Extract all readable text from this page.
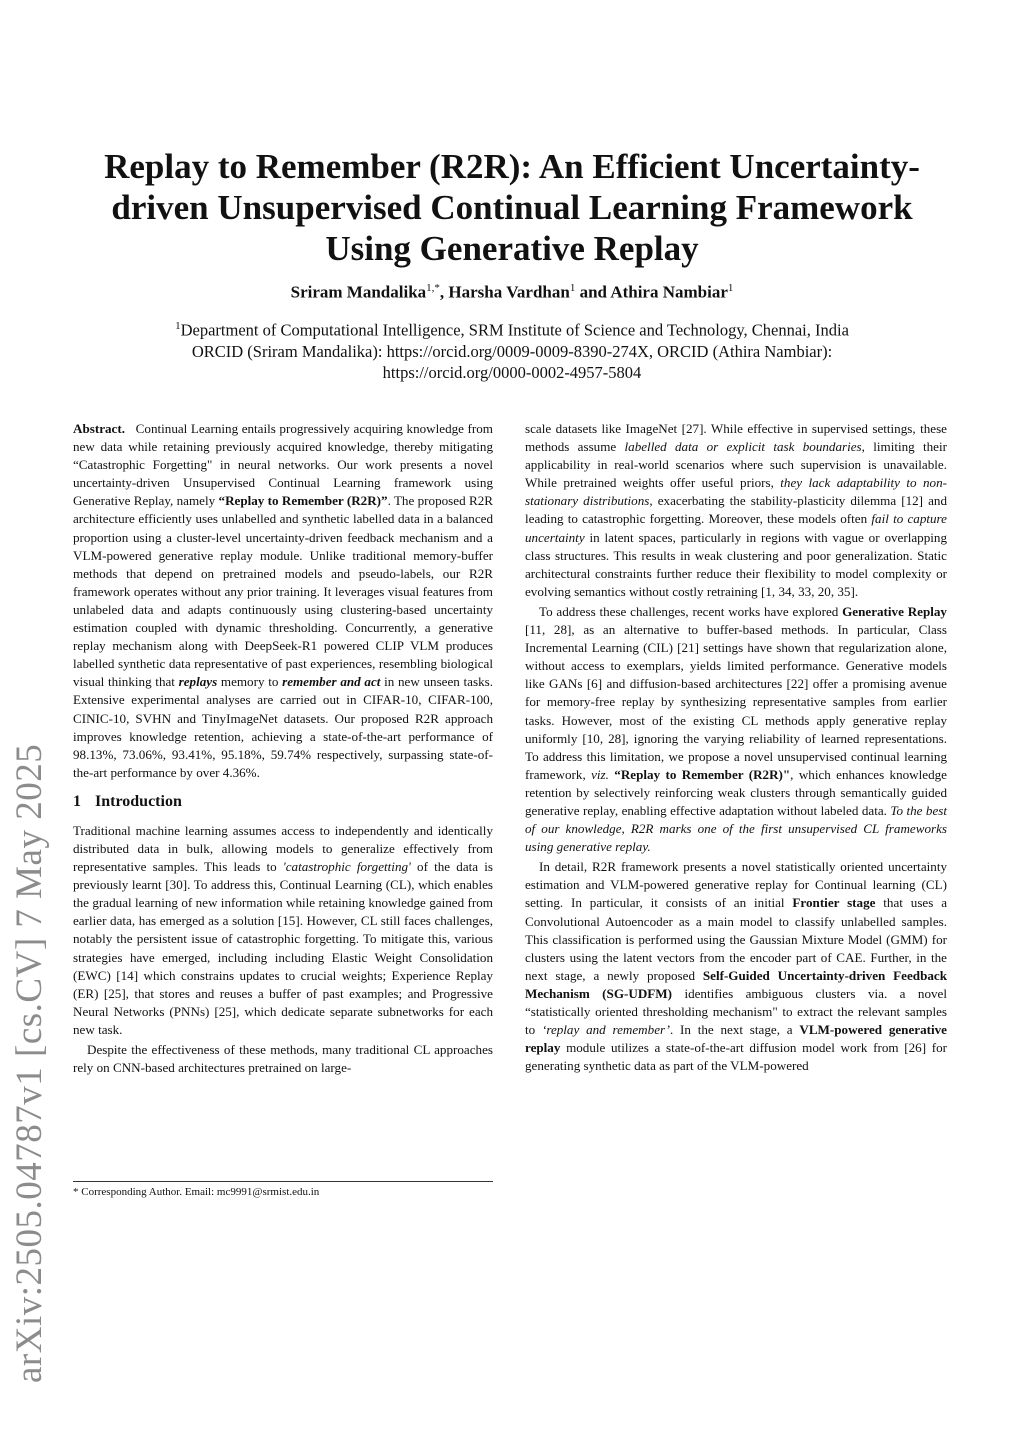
Replay to Remember (R2R): An Efficient Uncertainty-driven Unsupervised Continual Learning Framework Using Generative Replay
Sriram Mandalika$^{1,*}$, Harsha Vardhan$^1$ and Athira Nambiar$^1$
$^1$Department of Computational Intelligence, SRM Institute of Science and Technology, Chennai, India
ORCID (Sriram Mandalika): https://orcid.org/0009-0009-8390-274X, ORCID (Athira Nambiar):
https://orcid.org/0000-0002-4957-5804
arXiv:2505.04787v1 [cs.CV] 7 May 2025

Abstract. Continual Learning entails progressively acquiring knowledge from new data while retaining previously acquired knowledge, thereby mitigating “Catastrophic Forgetting" in neural networks. Our work presents a novel uncertainty-driven Unsupervised Continual Learning framework using Generative Replay, namely “Replay to Remember (R2R)”. The proposed R2R architecture efficiently uses unlabelled and synthetic labelled data in a balanced proportion using a cluster-level uncertainty-driven feedback mechanism and a VLM-powered generative replay module. Unlike traditional memory-buffer methods that depend on pretrained models and pseudo-labels, our R2R framework operates without any prior training. It leverages visual features from unlabeled data and adapts continuously using clustering-based uncertainty estimation coupled with dynamic thresholding. Concurrently, a generative replay mechanism along with DeepSeek-R1 powered CLIP VLM produces labelled synthetic data representative of past experiences, resembling biological visual thinking that replays memory to remember and act in new unseen tasks. Extensive experimental analyses are carried out in CIFAR-10, CIFAR-100, CINIC-10, SVHN and TinyImageNet datasets. Our proposed R2R approach improves knowledge retention, achieving a state-of-the-art performance of 98.13%, 73.06%, 93.41%, 95.18%, 59.74% respectively, surpassing state-of-the-art performance by over 4.36%.

1 Introduction

Traditional machine learning assumes access to independently and identically distributed data in bulk, allowing models to generalize effectively from representative samples. This leads to 'catastrophic forgetting' of the data is previously learnt [30]. To address this, Continual Learning (CL), which enables the gradual learning of new information while retaining knowledge gained from earlier data, has emerged as a solution [15]. However, CL still faces challenges, notably the persistent issue of catastrophic forgetting. To mitigate this, various strategies have emerged, including including Elastic Weight Consolidation (EWC) [14] which constrains updates to crucial weights; Experience Replay (ER) [25], that stores and reuses a buffer of past examples; and Progressive Neural Networks (PNNs) [25], which dedicate separate subnetworks for each new task.

Despite the effectiveness of these methods, many traditional CL approaches rely on CNN-based architectures pretrained on large-

* Corresponding Author. Email: mc9991@srmist.edu.in

scale datasets like ImageNet [27]. While effective in supervised settings, these methods assume labelled data or explicit task boundaries, limiting their applicability in real-world scenarios where such supervision is unavailable. While pretrained weights offer useful priors, they lack adaptability to non-stationary distributions, exacerbating the stability-plasticity dilemma [12] and leading to catastrophic forgetting. Moreover, these models often fail to capture uncertainty in latent spaces, particularly in regions with vague or overlapping class structures. This results in weak clustering and poor generalization. Static architectural constraints further reduce their flexibility to model complexity or evolving semantics without costly retraining [1, 34, 33, 20, 35].

To address these challenges, recent works have explored Generative Replay [11, 28], as an alternative to buffer-based methods. In particular, Class Incremental Learning (CIL) [21] settings have shown that regularization alone, without access to exemplars, yields limited performance. Generative models like GANs [6] and diffusion-based architectures [22] offer a promising avenue for memory-free replay by synthesizing representative samples from earlier tasks. However, most of the existing CL methods apply generative replay uniformly [10, 28], ignoring the varying reliability of learned representations. To address this limitation, we propose a novel unsupervised continual learning framework, viz. “Replay to Remember (R2R)", which enhances knowledge retention by selectively reinforcing weak clusters through semantically guided generative replay, enabling effective adaptation without labeled data. To the best of our knowledge, R2R marks one of the first unsupervised CL frameworks using generative replay.

In detail, R2R framework presents a novel statistically oriented uncertainty estimation and VLM-powered generative replay for Continual learning (CL) setting. In particular, it consists of an initial Frontier stage that uses a Convolutional Autoencoder as a main model to classify unlabelled samples. This classification is performed using the Gaussian Mixture Model (GMM) for clusters using the latent vectors from the encoder part of CAE. Further, in the next stage, a newly proposed Self-Guided Uncertainty-driven Feedback Mechanism (SG-UDFM) identifies ambiguous clusters via. a novel “statistically oriented thresholding mechanism" to extract the relevant samples to ‘replay and remember’. In the next stage, a VLM-powered generative replay module utilizes a state-of-the-art diffusion model work from [26] for generating synthetic data as part of the VLM-powered
